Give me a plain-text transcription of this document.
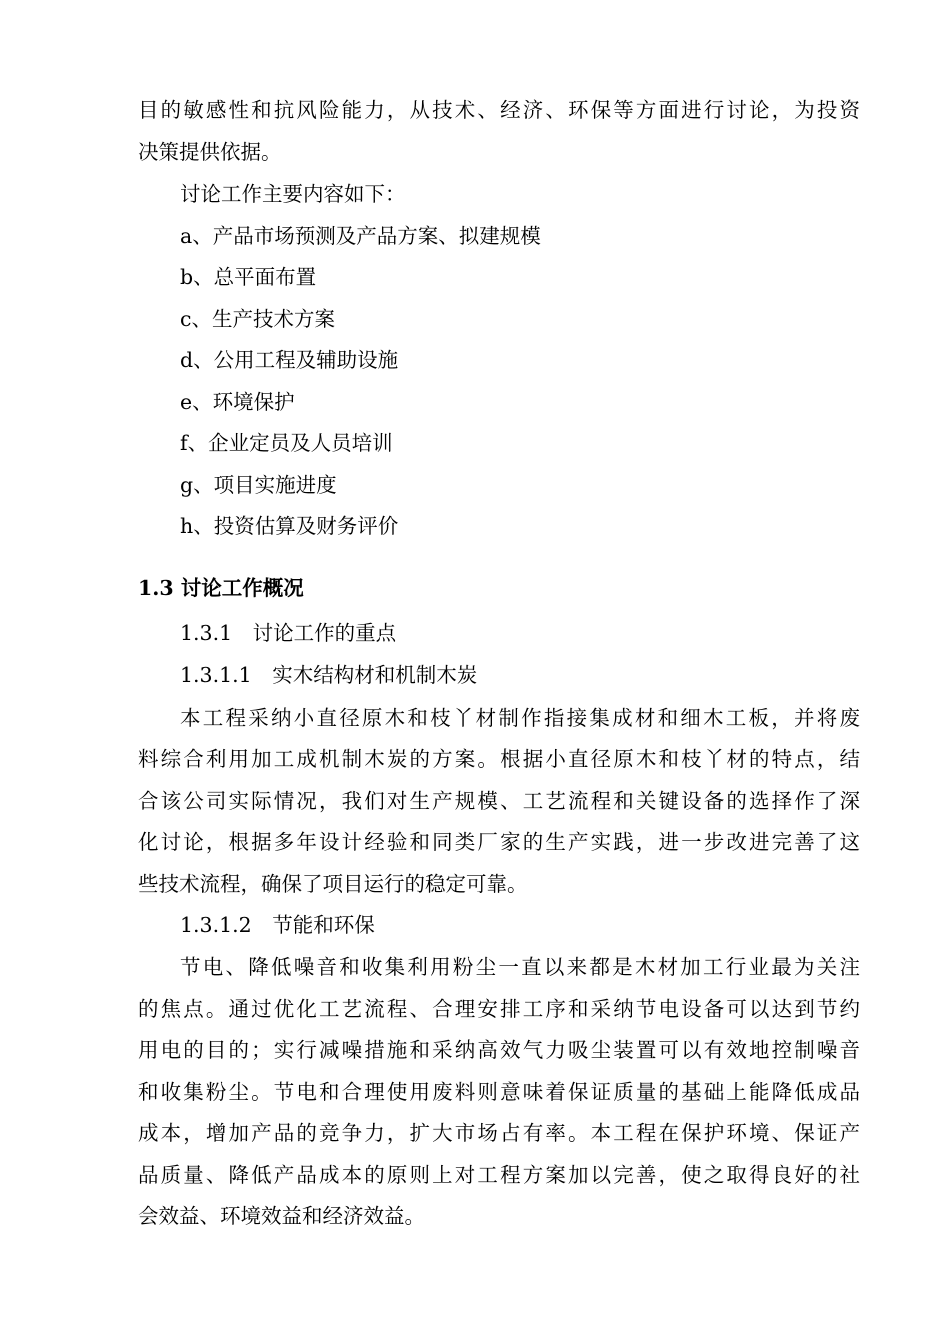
目的敏感性和抗风险能力，从技术、经济、环保等方面进行讨论，为投资
决策提供依据。
讨论工作主要内容如下：
a、产品市场预测及产品方案、拟建规模
b、总平面布置
c、生产技术方案
d、公用工程及辅助设施
e、环境保护
f、企业定员及人员培训
g、项目实施进度
h、投资估算及财务评价
1.3 讨论工作概况
1.3.1　讨论工作的重点
1.3.1.1　实木结构材和机制木炭
本工程采纳小直径原木和枝丫材制作指接集成材和细木工板，并将废
料综合利用加工成机制木炭的方案。根据小直径原木和枝丫材的特点，结
合该公司实际情况，我们对生产规模、工艺流程和关键设备的选择作了深
化讨论，根据多年设计经验和同类厂家的生产实践，进一步改进完善了这
些技术流程，确保了项目运行的稳定可靠。
1.3.1.2　节能和环保
节电、降低噪音和收集利用粉尘一直以来都是木材加工行业最为关注
的焦点。通过优化工艺流程、合理安排工序和采纳节电设备可以达到节约
用电的目的；实行减噪措施和采纳高效气力吸尘装置可以有效地控制噪音
和收集粉尘。节电和合理使用废料则意味着保证质量的基础上能降低成品
成本，增加产品的竞争力，扩大市场占有率。本工程在保护环境、保证产
品质量、降低产品成本的原则上对工程方案加以完善，使之取得良好的社
会效益、环境效益和经济效益。
